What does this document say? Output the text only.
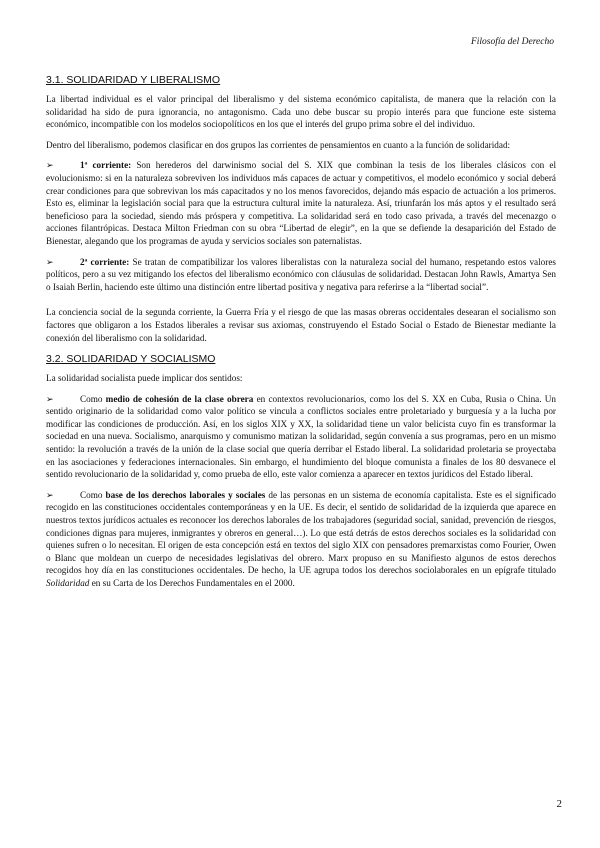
Filosofía del Derecho
3.1. SOLIDARIDAD Y LIBERALISMO

La libertad individual es el valor principal del liberalismo y del sistema económico capitalista, de manera que la relación con la solidaridad ha sido de pura ignorancia, no antagonismo. Cada uno debe buscar su propio interés para que funcione este sistema económico, incompatible con los modelos sociopolíticos en los que el interés del grupo prima sobre el del individuo.

Dentro del liberalismo, podemos clasificar en dos grupos las corrientes de pensamientos en cuanto a la función de solidaridad:

➢	1ª corriente: Son herederos del darwinismo social del S. XIX que combinan la tesis de los liberales clásicos con el evolucionismo: si en la naturaleza sobreviven los individuos más capaces de actuar y competitivos, el modelo económico y social deberá crear condiciones para que sobrevivan los más capacitados y no los menos favorecidos, dejando más espacio de actuación a los primeros. Esto es, eliminar la legislación social para que la estructura cultural imite la naturaleza. Así, triunfarán los más aptos y el resultado será beneficioso para la sociedad, siendo más próspera y competitiva. La solidaridad será en todo caso privada, a través del mecenazgo o acciones filantrópicas. Destaca Milton Friedman con su obra “Libertad de elegir”, en la que se defiende la desaparición del Estado de Bienestar, alegando que los programas de ayuda y servicios sociales son paternalistas.

➢	2ª corriente: Se tratan de compatibilizar los valores liberalistas con la naturaleza social del humano, respetando estos valores políticos, pero a su vez mitigando los efectos del liberalismo económico con cláusulas de solidaridad. Destacan John Rawls, Amartya Sen o Isaiah Berlin, haciendo este último una distinción entre libertad positiva y negativa para referirse a la “libertad social”.

La conciencia social de la segunda corriente, la Guerra Fría y el riesgo de que las masas obreras occidentales desearan el socialismo son factores que obligaron a los Estados liberales a revisar sus axiomas, construyendo el Estado Social o Estado de Bienestar mediante la conexión del liberalismo con la solidaridad.

3.2. SOLIDARIDAD Y SOCIALISMO

La solidaridad socialista puede implicar dos sentidos:

➢	Como medio de cohesión de la clase obrera en contextos revolucionarios, como los del S. XX en Cuba, Rusia o China. Un sentido originario de la solidaridad como valor político se vincula a conflictos sociales entre proletariado y burguesía y a la lucha por modificar las condiciones de producción. Así, en los siglos XIX y XX, la solidaridad tiene un valor belicista cuyo fin es transformar la sociedad en una nueva. Socialismo, anarquismo y comunismo matizan la solidaridad, según convenía a sus programas, pero en un mismo sentido: la revolución a través de la unión de la clase social que quería derribar el Estado liberal. La solidaridad proletaria se proyectaba en las asociaciones y federaciones internacionales. Sin embargo, el hundimiento del bloque comunista a finales de los 80 desvanece el sentido revolucionario de la solidaridad y, como prueba de ello, este valor comienza a aparecer en textos jurídicos del Estado liberal.

➢	Como base de los derechos laborales y sociales de las personas en un sistema de economía capitalista. Este es el significado recogido en las constituciones occidentales contemporáneas y en la UE. Es decir, el sentido de solidaridad de la izquierda que aparece en nuestros textos jurídicos actuales es reconocer los derechos laborales de los trabajadores (seguridad social, sanidad, prevención de riesgos, condiciones dignas para mujeres, inmigrantes y obreros en general…). Lo que está detrás de estos derechos sociales es la solidaridad con quienes sufren o lo necesitan. El origen de esta concepción está en textos del siglo XIX con pensadores premarxistas como Fourier, Owen o Blanc que moldean un cuerpo de necesidades legislativas del obrero. Marx propuso en su Manifiesto algunos de estos derechos recogidos hoy día en las constituciones occidentales. De hecho, la UE agrupa todos los derechos sociolaborales en un epígrafe titulado Solidaridad en su Carta de los Derechos Fundamentales en el 2000.

2
